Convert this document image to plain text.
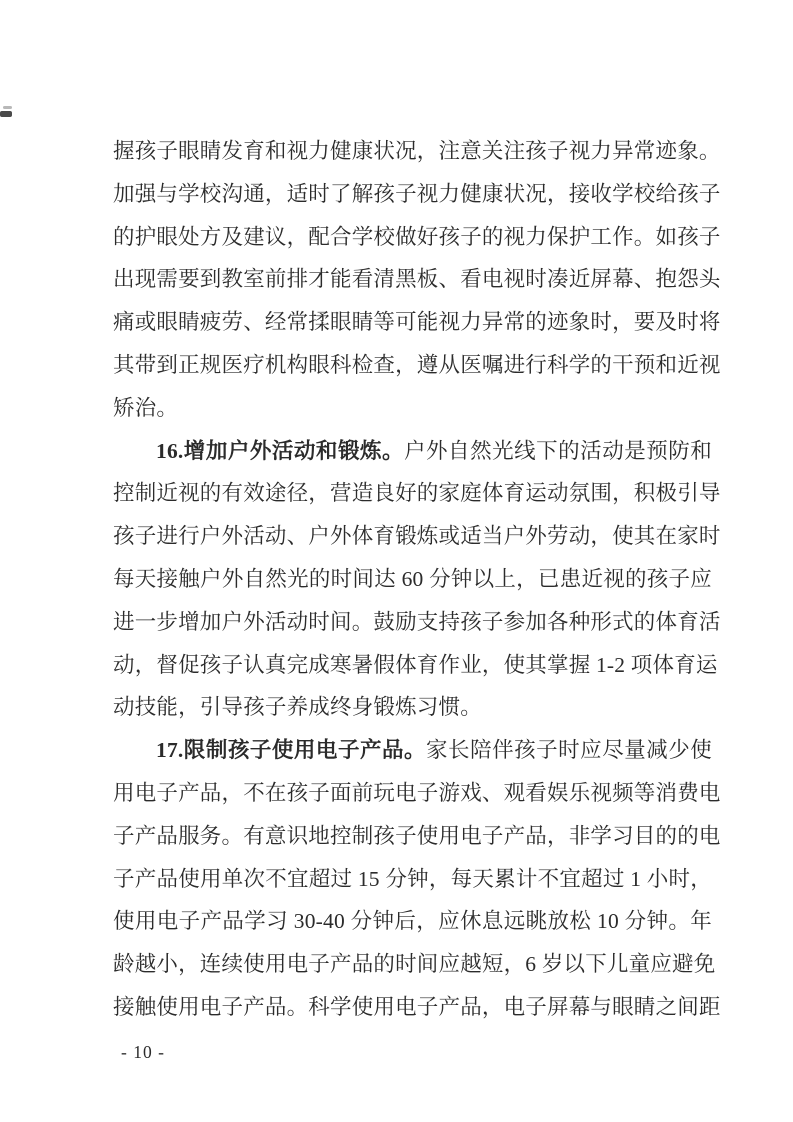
握孩子眼睛发育和视力健康状况，注意关注孩子视力异常迹象。
加强与学校沟通，适时了解孩子视力健康状况，接收学校给孩子
的护眼处方及建议，配合学校做好孩子的视力保护工作。如孩子
出现需要到教室前排才能看清黑板、看电视时凑近屏幕、抱怨头
痛或眼睛疲劳、经常揉眼睛等可能视力异常的迹象时，要及时将
其带到正规医疗机构眼科检查，遵从医嘱进行科学的干预和近视
矫治。
16.增加户外活动和锻炼。户外自然光线下的活动是预防和
控制近视的有效途径，营造良好的家庭体育运动氛围，积极引导
孩子进行户外活动、户外体育锻炼或适当户外劳动，使其在家时
每天接触户外自然光的时间达 60 分钟以上，已患近视的孩子应
进一步增加户外活动时间。鼓励支持孩子参加各种形式的体育活
动，督促孩子认真完成寒暑假体育作业，使其掌握 1-2 项体育运
动技能，引导孩子养成终身锻炼习惯。
17.限制孩子使用电子产品。家长陪伴孩子时应尽量减少使
用电子产品，不在孩子面前玩电子游戏、观看娱乐视频等消费电
子产品服务。有意识地控制孩子使用电子产品，非学习目的的电
子产品使用单次不宜超过 15 分钟，每天累计不宜超过 1 小时，
使用电子产品学习 30-40 分钟后，应休息远眺放松 10 分钟。年
龄越小，连续使用电子产品的时间应越短，6 岁以下儿童应避免
接触使用电子产品。科学使用电子产品，电子屏幕与眼睛之间距
- 10 -
